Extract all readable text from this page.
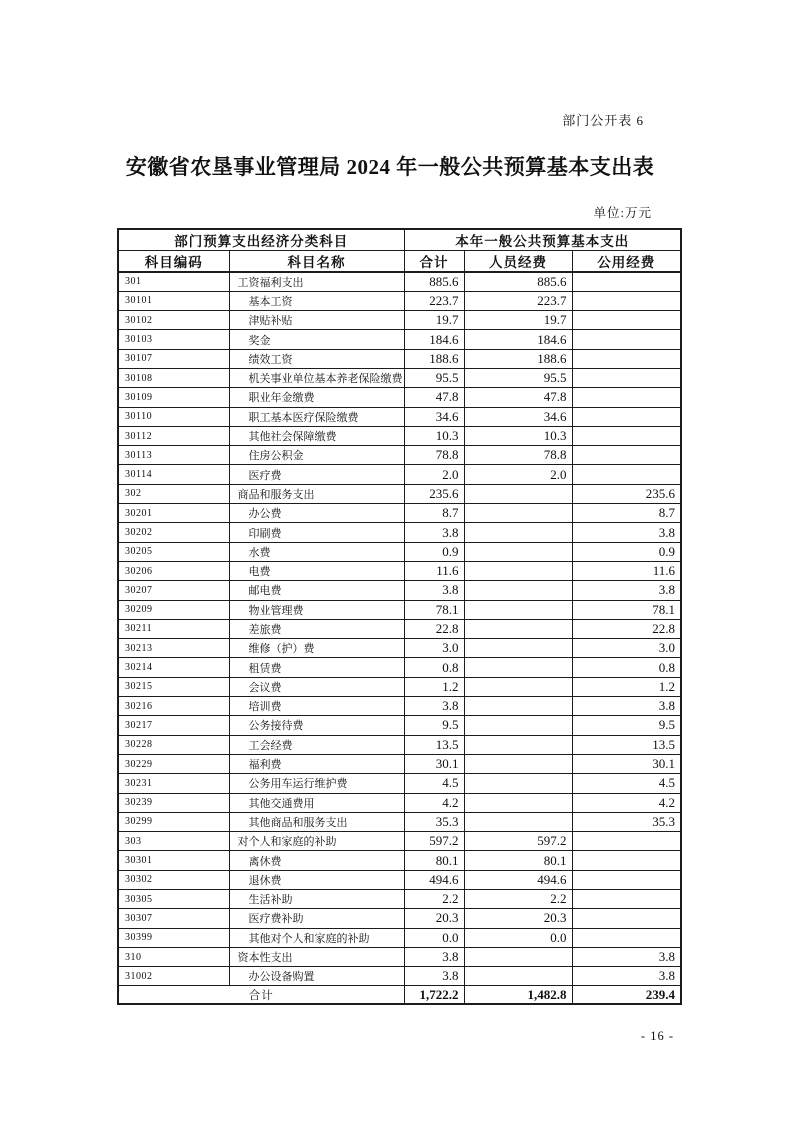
部门公开表 6
安徽省农垦事业管理局 2024 年一般公共预算基本支出表
单位:万元
部门预算支出经济分类科目		本年一般公共预算基本支出		
科目编码	科目名称	合计	人员经费	公用经费
301	工资福利支出	885.6	885.6	
30101	基本工资	223.7	223.7	
30102	津贴补贴	19.7	19.7	
30103	奖金	184.6	184.6	
30107	绩效工资	188.6	188.6	
30108	机关事业单位基本养老保险缴费	95.5	95.5	
30109	职业年金缴费	47.8	47.8	
30110	职工基本医疗保险缴费	34.6	34.6	
30112	其他社会保障缴费	10.3	10.3	
30113	住房公积金	78.8	78.8	
30114	医疗费	2.0	2.0	
302	商品和服务支出	235.6		235.6
30201	办公费	8.7		8.7
30202	印刷费	3.8		3.8
30205	水费	0.9		0.9
30206	电费	11.6		11.6
30207	邮电费	3.8		3.8
30209	物业管理费	78.1		78.1
30211	差旅费	22.8		22.8
30213	维修（护）费	3.0		3.0
30214	租赁费	0.8		0.8
30215	会议费	1.2		1.2
30216	培训费	3.8		3.8
30217	公务接待费	9.5		9.5
30228	工会经费	13.5		13.5
30229	福利费	30.1		30.1
30231	公务用车运行维护费	4.5		4.5
30239	其他交通费用	4.2		4.2
30299	其他商品和服务支出	35.3		35.3
303	对个人和家庭的补助	597.2	597.2	
30301	离休费	80.1	80.1	
30302	退休费	494.6	494.6	
30305	生活补助	2.2	2.2	
30307	医疗费补助	20.3	20.3	
30399	其他对个人和家庭的补助	0.0	0.0	
310	资本性支出	3.8		3.8
31002	办公设备购置	3.8		3.8
合计		1,722.2	1,482.8	239.4
- 16 -
